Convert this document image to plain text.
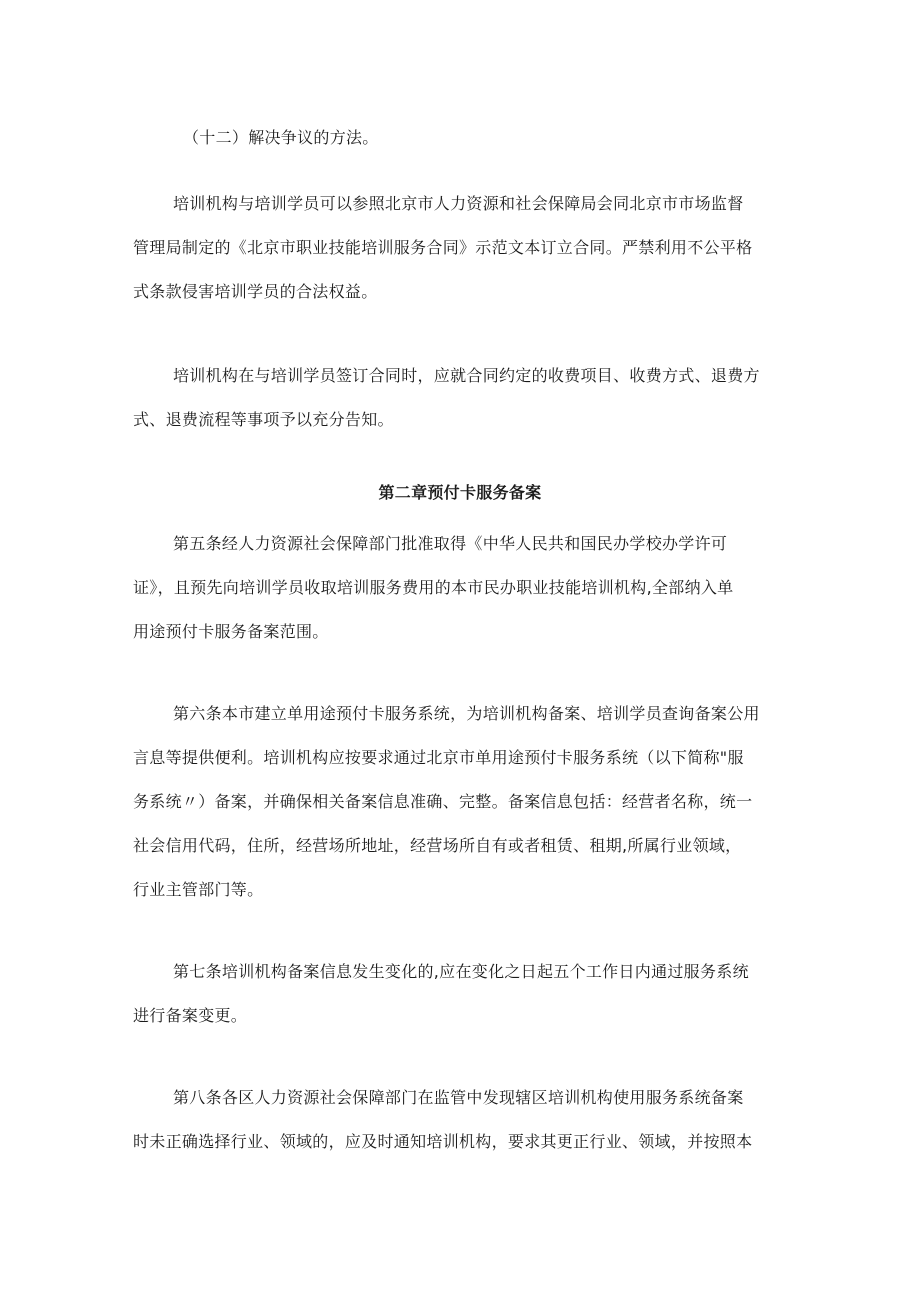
（十二）解决争议的方法。

培训机构与培训学员可以参照北京市人力资源和社会保障局会同北京市市场监督
管理局制定的《北京市职业技能培训服务合同》示范文本订立合同。严禁利用不公平格
式条款侵害培训学员的合法权益。

培训机构在与培训学员签订合同时，应就合同约定的收费项目、收费方式、退费方
式、退费流程等事项予以充分告知。

第二章预付卡服务备案

第五条经人力资源社会保障部门批准取得《中华人民共和国民办学校办学许可
证》，且预先向培训学员收取培训服务费用的本市民办职业技能培训机构,全部纳入单
用途预付卡服务备案范围。

第六条本市建立单用途预付卡服务系统，为培训机构备案、培训学员查询备案公用
言息等提供便利。培训机构应按要求通过北京市单用途预付卡服务系统（以下简称"服
务系统〃）备案，并确保相关备案信息准确、完整。备案信息包括：经营者名称，统一
社会信用代码，住所，经营场所地址，经营场所自有或者租赁、租期,所属行业领域，
行业主管部门等。

第七条培训机构备案信息发生变化的,应在变化之日起五个工作日内通过服务系统
进行备案变更。

第八条各区人力资源社会保障部门在监管中发现辖区培训机构使用服务系统备案
时未正确选择行业、领域的，应及时通知培训机构，要求其更正行业、领域，并按照本
